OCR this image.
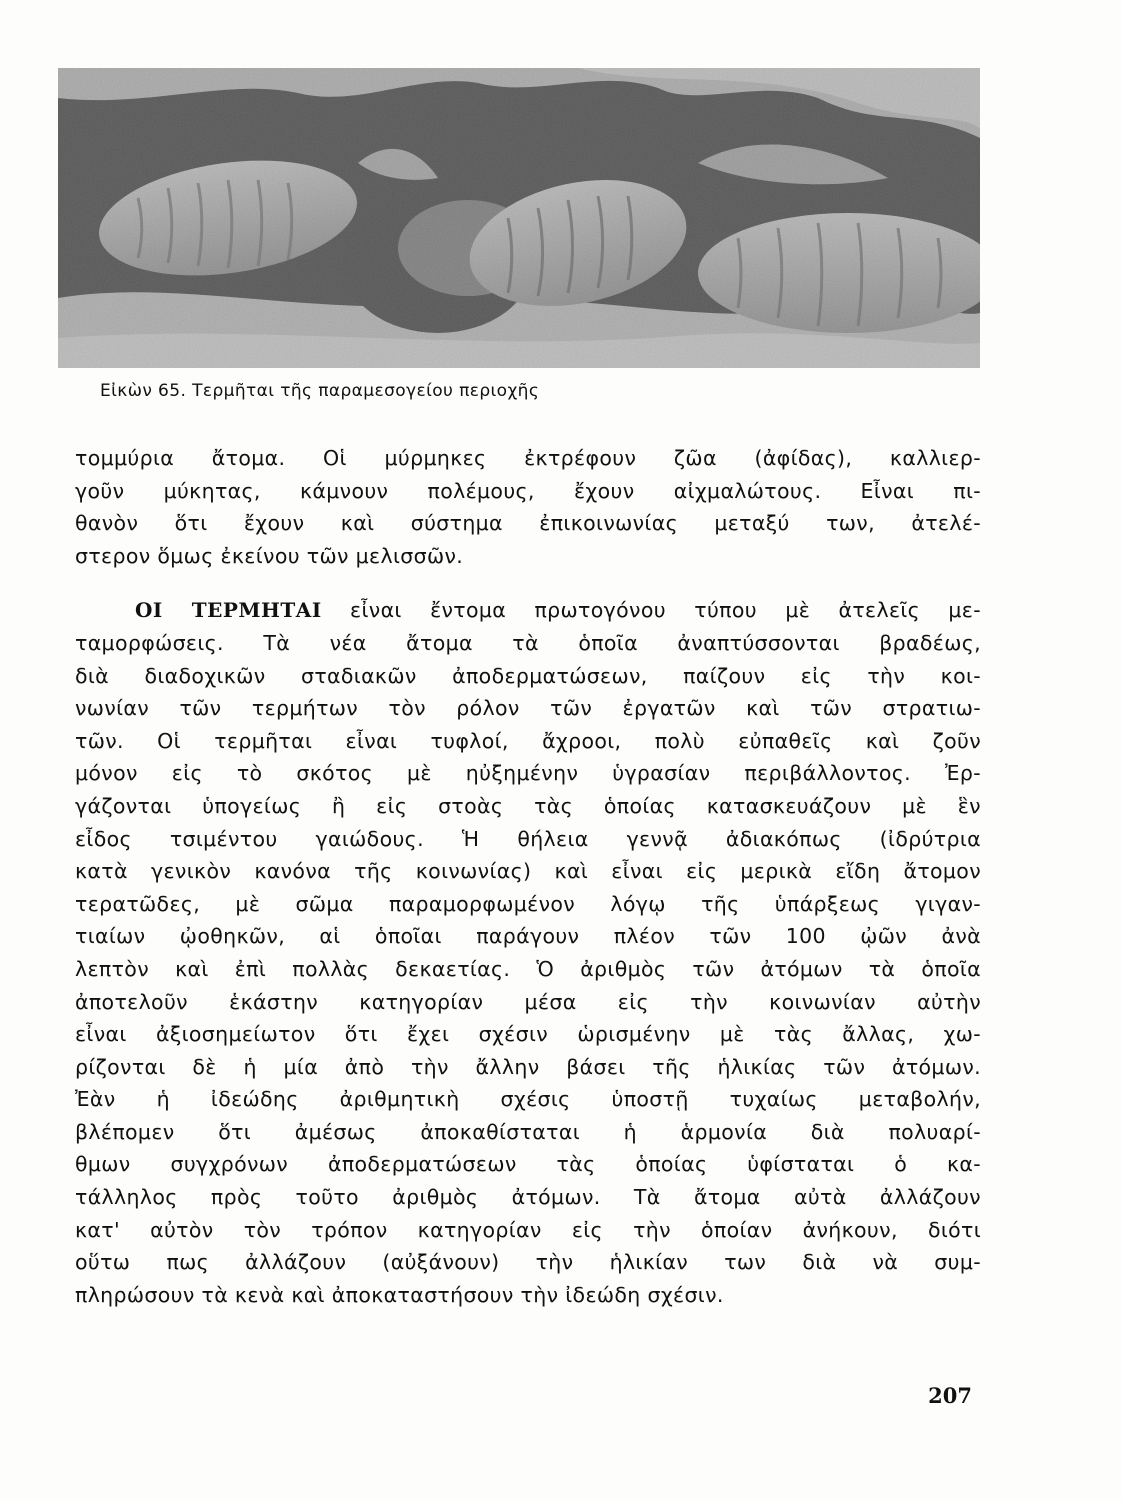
Εἰκὼν 65. Τερμῆται τῆς παραμεσογείου περιοχῆς
τομμύρια ἄτομα. Οἱ μύρμηκες ἐκτρέφουν ζῶα (ἀφίδας), καλλιερ-
γοῦν μύκητας, κάμνουν πολέμους, ἔχουν αἰχμαλώτους. Εἶναι πι-
θανὸν ὅτι ἔχουν καὶ σύστημα ἐπικοινωνίας μεταξύ των, ἀτελέ-
στερον ὅμως ἐκείνου τῶν μελισσῶν.
ΟΙ ΤΕΡΜΗΤΑΙ εἶναι ἔντομα πρωτογόνου τύπου μὲ ἀτελεῖς με-
ταμορφώσεις. Τὰ νέα ἄτομα τὰ ὁποῖα ἀναπτύσσονται βραδέως,
διὰ διαδοχικῶν σταδιακῶν ἀποδερματώσεων, παίζουν εἰς τὴν κοι-
νωνίαν τῶν τερμήτων τὸν ρόλον τῶν ἐργατῶν καὶ τῶν στρατιω-
τῶν. Οἱ τερμῆται εἶναι τυφλοί, ἄχροοι, πολὺ εὐπαθεῖς καὶ ζοῦν
μόνον εἰς τὸ σκότος μὲ ηὐξημένην ὑγρασίαν περιβάλλοντος. Ἐρ-
γάζονται ὑπογείως ἢ εἰς στοὰς τὰς ὁποίας κατασκευάζουν μὲ ἓν
εἶδος τσιμέντου γαιώδους. Ἡ θήλεια γεννᾷ ἀδιακόπως (ἰδρύτρια
κατὰ γενικὸν κανόνα τῆς κοινωνίας) καὶ εἶναι εἰς μερικὰ εἴδη ἄτομον
τερατῶδες, μὲ σῶμα παραμορφωμένον λόγῳ τῆς ὑπάρξεως γιγαν-
τιαίων ᾠοθηκῶν, αἱ ὁποῖαι παράγουν πλέον τῶν 100 ᾠῶν ἀνὰ
λεπτὸν καὶ ἐπὶ πολλὰς δεκαετίας. Ὁ ἀριθμὸς τῶν ἀτόμων τὰ ὁποῖα
ἀποτελοῦν ἑκάστην κατηγορίαν μέσα εἰς τὴν κοινωνίαν αὐτὴν
εἶναι ἀξιοσημείωτον ὅτι ἔχει σχέσιν ὡρισμένην μὲ τὰς ἄλλας, χω-
ρίζονται δὲ ἡ μία ἀπὸ τὴν ἄλλην βάσει τῆς ἡλικίας τῶν ἀτόμων.
Ἐὰν ἡ ἰδεώδης ἀριθμητικὴ σχέσις ὑποστῇ τυχαίως μεταβολήν,
βλέπομεν ὅτι ἀμέσως ἀποκαθίσταται ἡ ἁρμονία διὰ πολυαρί-
θμων συγχρόνων ἀποδερματώσεων τὰς ὁποίας ὑφίσταται ὁ κα-
τάλληλος πρὸς τοῦτο ἀριθμὸς ἀτόμων. Τὰ ἄτομα αὐτὰ ἀλλάζουν
κατ' αὐτὸν τὸν τρόπον κατηγορίαν εἰς τὴν ὁποίαν ἀνήκουν, διότι
οὕτω πως ἀλλάζουν (αὐξάνουν) τὴν ἡλικίαν των διὰ νὰ συμ-
πληρώσουν τὰ κενὰ καὶ ἀποκαταστήσουν τὴν ἰδεώδη σχέσιν.
207
